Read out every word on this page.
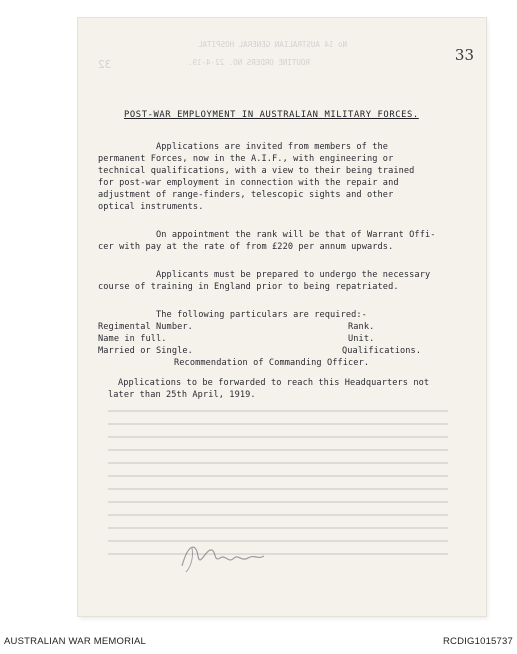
No 14 AUSTRALIAN GENERAL HOSPITAL
ROUTINE ORDERS NO. 22-4-19.
32
33
POST-WAR EMPLOYMENT IN AUSTRALIAN MILITARY FORCES.
Applications are invited from members of the
permanent Forces, now in the A.I.F., with engineering or
technical qualifications, with a view to their being trained
for post-war employment in connection with the repair and
adjustment of range-finders, telescopic sights and other
optical instruments.
On appointment the rank will be that of Warrant Offi-
cer with pay at the rate of from £220 per annum upwards.
Applicants must be prepared to undergo the necessary
course of training in England prior to being repatriated.
The following particulars are required:-
Regimental Number.	Rank.
Name in full.	Unit.
Married or Single.	Qualifications.
Recommendation of Commanding Officer.
Applications to be forwarded to reach this Headquarters not
later than 25th April, 1919.
AUSTRALIAN WAR MEMORIAL	RCDIG1015737
